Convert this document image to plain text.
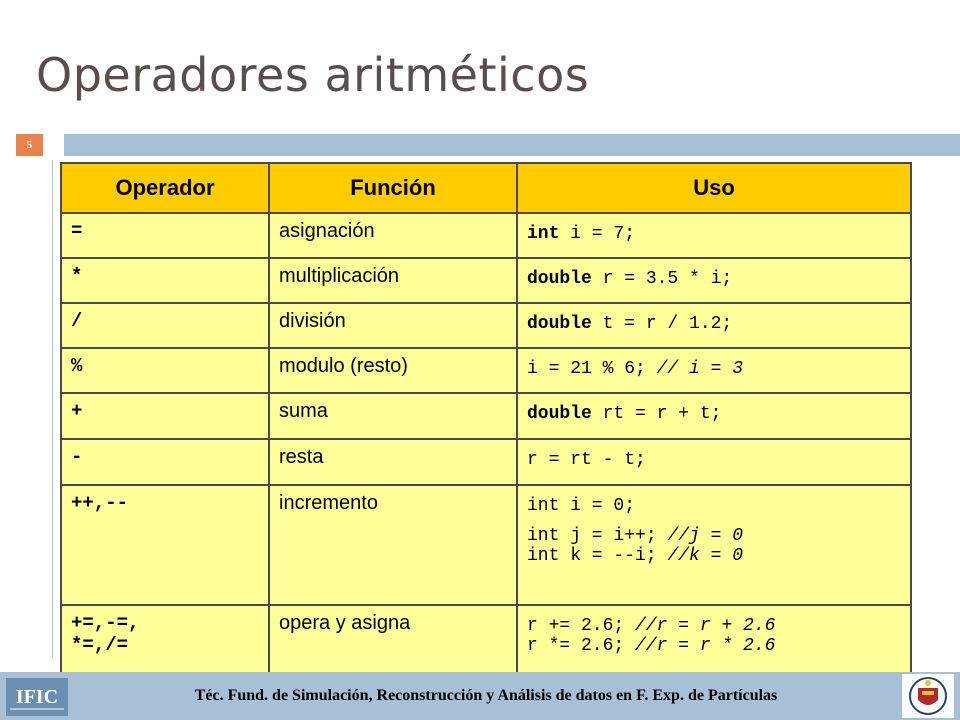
Operadores aritméticos
5
Operador	Función	Uso
=	asignación	int i = 7;

*	multiplicación	double r = 3.5 * i;

/	división	double t = r / 1.2;

%	modulo (resto)	i = 21 % 6; // i = 3

+	suma	double rt = r + t;

-	resta	r = rt - t;

++,--	incremento	int i = 0;
int j = i++; //j = 0
int k = --i; //k = 0

+=,-=,
*=,/=	opera y asigna	r += 2.6; //r = r + 2.6
r *= 2.6; //r = r * 2.6
IFIC	Téc. Fund. de Simulación, Reconstrucción y Análisis de datos en F. Exp. de Partículas
